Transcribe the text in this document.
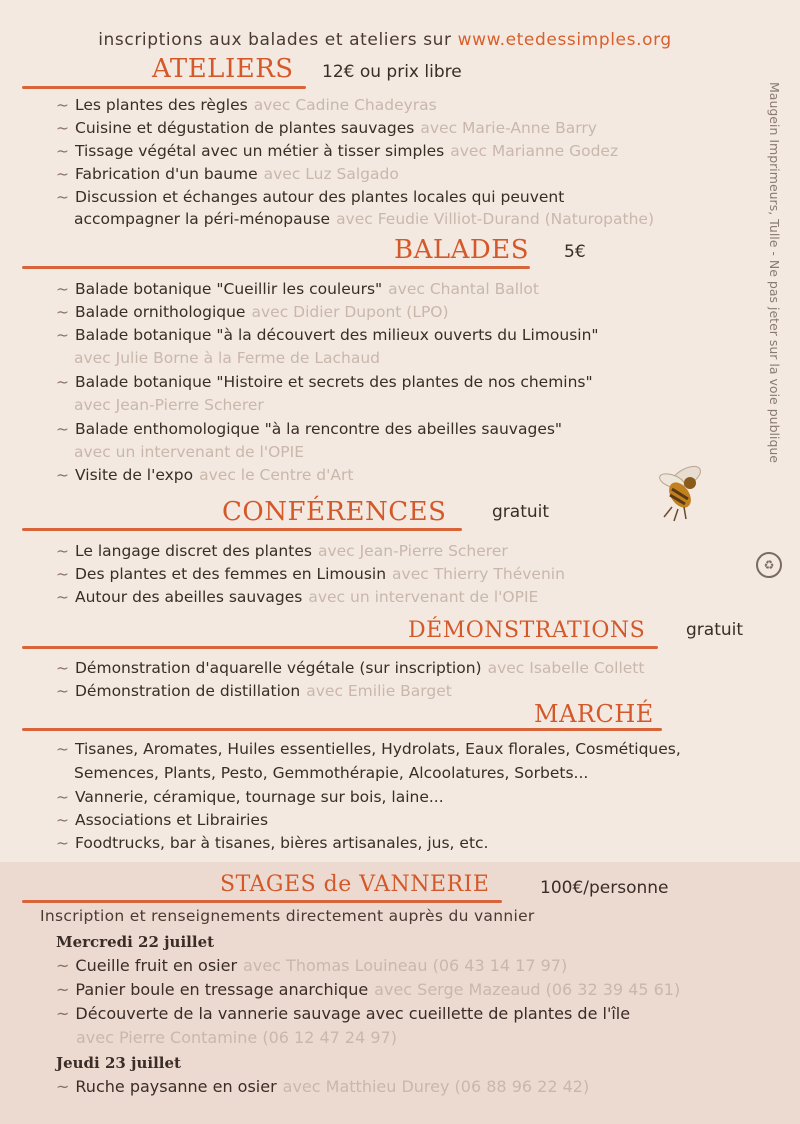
inscriptions aux balades et ateliers sur www.etedessimples.org
ATELIERS 12€ ou prix libre
~ Les plantes des règles avec Cadine Chadeyras
~ Cuisine et dégustation de plantes sauvages avec Marie-Anne Barry
~ Tissage végétal avec un métier à tisser simples avec Marianne Godez
~ Fabrication d'un baume avec Luz Salgado
~ Discussion et échanges autour des plantes locales qui peuvent
accompagner la péri-ménopause avec Feudie Villiot-Durand (Naturopathe)
BALADES 5€
~ Balade botanique "Cueillir les couleurs" avec Chantal Ballot
~ Balade ornithologique avec Didier Dupont (LPO)
~ Balade botanique "à la découvert des milieux ouverts du Limousin"
avec Julie Borne à la Ferme de Lachaud
~ Balade botanique "Histoire et secrets des plantes de nos chemins"
avec Jean-Pierre Scherer
~ Balade enthomologique "à la rencontre des abeilles sauvages"
avec un intervenant de l'OPIE
~ Visite de l'expo avec le Centre d'Art
CONFÉRENCES	gratuit
~ Le langage discret des plantes avec Jean-Pierre Scherer
~ Des plantes et des femmes en Limousin avec Thierry Thévenin
~ Autour des abeilles sauvages avec un intervenant de l'OPIE
DÉMONSTRATIONS gratuit
~ Démonstration d'aquarelle végétale (sur inscription) avec Isabelle Collett
~ Démonstration de distillation avec Emilie Barget
MARCHÉ
~ Tisanes, Aromates, Huiles essentielles, Hydrolats, Eaux florales, Cosmétiques,
Semences, Plants, Pesto, Gemmothérapie, Alcoolatures, Sorbets...
~ Vannerie, céramique, tournage sur bois, laine...
~ Associations et Librairies
~ Foodtrucks, bar à tisanes, bières artisanales, jus, etc.
STAGES de VANNERIE	100€/personne
Inscription et renseignements directement auprès du vannier
Mercredi 22 juillet
~ Cueille fruit en osier avec Thomas Louineau (06 43 14 17 97)
~ Panier boule en tressage anarchique avec Serge Mazeaud (06 32 39 45 61)
~ Découverte de la vannerie sauvage avec cueillette de plantes de l'île
avec Pierre Contamine (06 12 47 24 97)
Jeudi 23 juillet
~ Ruche paysanne en osier avec Matthieu Durey (06 88 96 22 42)
Maugein Imprimeurs, Tulle - Ne pas jeter sur la voie publique
♻
